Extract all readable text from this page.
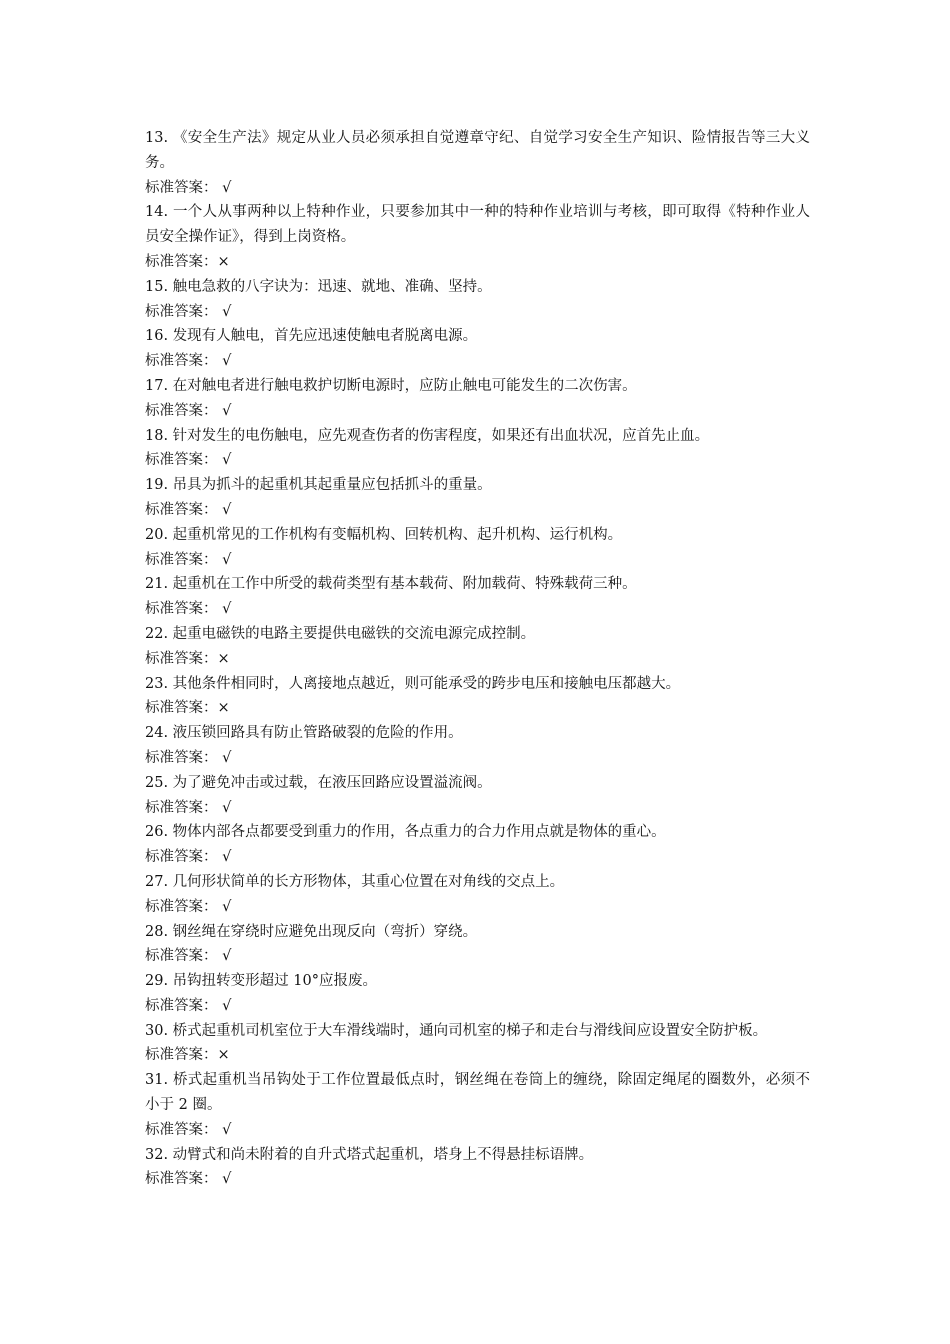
13. 《安全生产法》规定从业人员必须承担自觉遵章守纪、自觉学习安全生产知识、险情报告等三大义务。

标准答案： √

14. 一个人从事两种以上特种作业，只要参加其中一种的特种作业培训与考核，即可取得《特种作业人员安全操作证》，得到上岗资格。

标准答案：×

15. 触电急救的八字诀为：迅速、就地、准确、坚持。

标准答案： √

16. 发现有人触电，首先应迅速使触电者脱离电源。

标准答案： √

17. 在对触电者进行触电救护切断电源时，应防止触电可能发生的二次伤害。

标准答案： √

18. 针对发生的电伤触电，应先观查伤者的伤害程度，如果还有出血状况，应首先止血。

标准答案： √

19. 吊具为抓斗的起重机其起重量应包括抓斗的重量。

标准答案： √

20. 起重机常见的工作机构有变幅机构、回转机构、起升机构、运行机构。

标准答案： √

21. 起重机在工作中所受的载荷类型有基本载荷、附加载荷、特殊载荷三种。

标准答案： √

22. 起重电磁铁的电路主要提供电磁铁的交流电源完成控制。

标准答案：×

23. 其他条件相同时，人离接地点越近，则可能承受的跨步电压和接触电压都越大。

标准答案：×

24. 液压锁回路具有防止管路破裂的危险的作用。

标准答案： √

25. 为了避免冲击或过载，在液压回路应设置溢流阀。

标准答案： √

26. 物体内部各点都要受到重力的作用，各点重力的合力作用点就是物体的重心。

标准答案： √

27. 几何形状简单的长方形物体，其重心位置在对角线的交点上。

标准答案： √

28. 钢丝绳在穿绕时应避免出现反向（弯折）穿绕。

标准答案： √

29. 吊钩扭转变形超过 10°应报废。

标准答案： √

30. 桥式起重机司机室位于大车滑线端时，通向司机室的梯子和走台与滑线间应设置安全防护板。

标准答案：×

31. 桥式起重机当吊钩处于工作位置最低点时，钢丝绳在卷筒上的缠绕，除固定绳尾的圈数外，必须不小于 2 圈。

标准答案： √

32. 动臂式和尚未附着的自升式塔式起重机，塔身上不得悬挂标语牌。

标准答案： √
